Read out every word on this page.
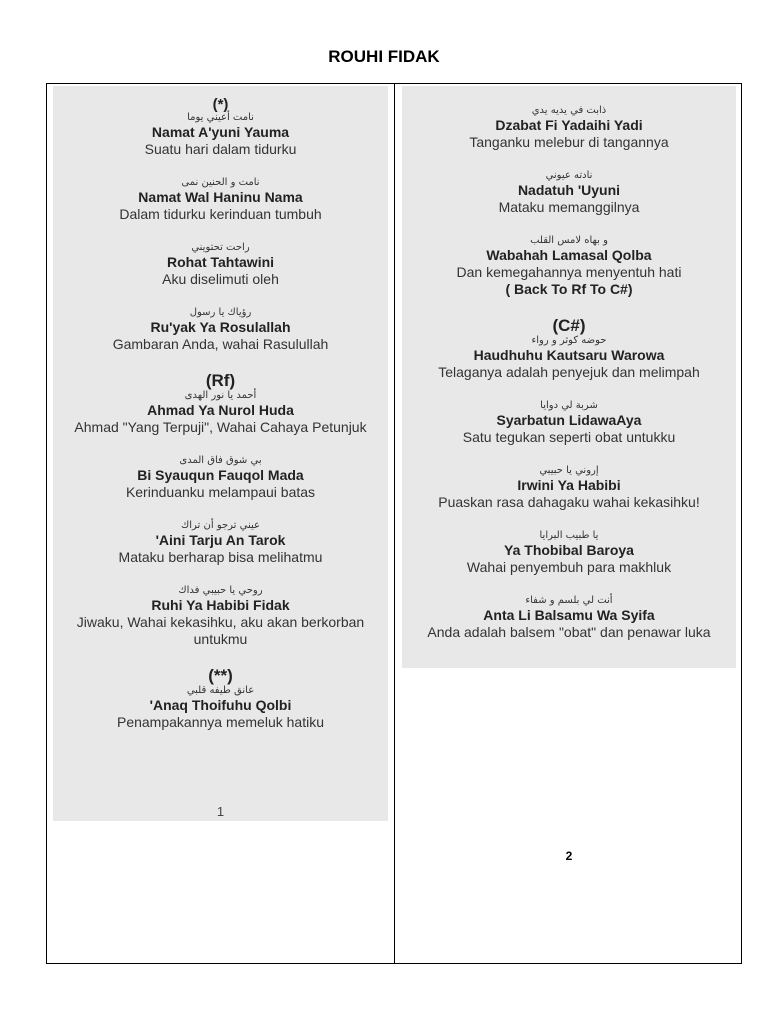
ROUHI FIDAK
(*)
نامت أعيني يوما
Namat A'yuni Yauma
Suatu hari dalam tidurku
نامت و الحنين نمى
Namat Wal Haninu Nama
Dalam tidurku kerinduan tumbuh
راحت تحتويني
Rohat Tahtawini
Aku diselimuti oleh
رؤياك يا رسول
Ru'yak Ya Rosulallah
Gambaran Anda, wahai Rasulullah
(Rf)
أحمد يا نور الهدى
Ahmad Ya Nurol Huda
Ahmad "Yang Terpuji", Wahai Cahaya Petunjuk
بي شوق فاق المدى
Bi Syauqun Fauqol Mada
Kerinduanku melampaui batas
عيني ترجو أن تراك
'Aini Tarju An Tarok
Mataku berharap bisa melihatmu
روحي يا حبيبي فداك
Ruhi Ya Habibi Fidak
Jiwaku, Wahai kekasihku, aku akan berkorban untukmu
(**)
عانق طيفه قلبي
'Anaq Thoifuhu Qolbi
Penampakannya memeluk hatiku
1
ذابت في يديه يدي
Dzabat Fi Yadaihi Yadi
Tanganku melebur di tangannya
نادته عيوني
Nadatuh 'Uyuni
Mataku memanggilnya
و بهاه لامس القلب
Wabahah Lamasal Qolba
Dan kemegahannya menyentuh hati
( Back To Rf To C#)
(C#)
حوضه كوثر و رواء
Haudhuhu Kautsaru Warowa
Telaganya adalah penyejuk dan melimpah
شربة لي دوايا
Syarbatun LidawaAya
Satu tegukan seperti obat untukku
إروني يا حبيبي
Irwini Ya Habibi
Puaskan rasa dahagaku wahai kekasihku!
يا طبيب البرايا
Ya Thobibal Baroya
Wahai penyembuh para makhluk
أنت لي بلسم و شفاء
Anta Li Balsamu Wa Syifa
Anda adalah balsem "obat" dan penawar luka
2
